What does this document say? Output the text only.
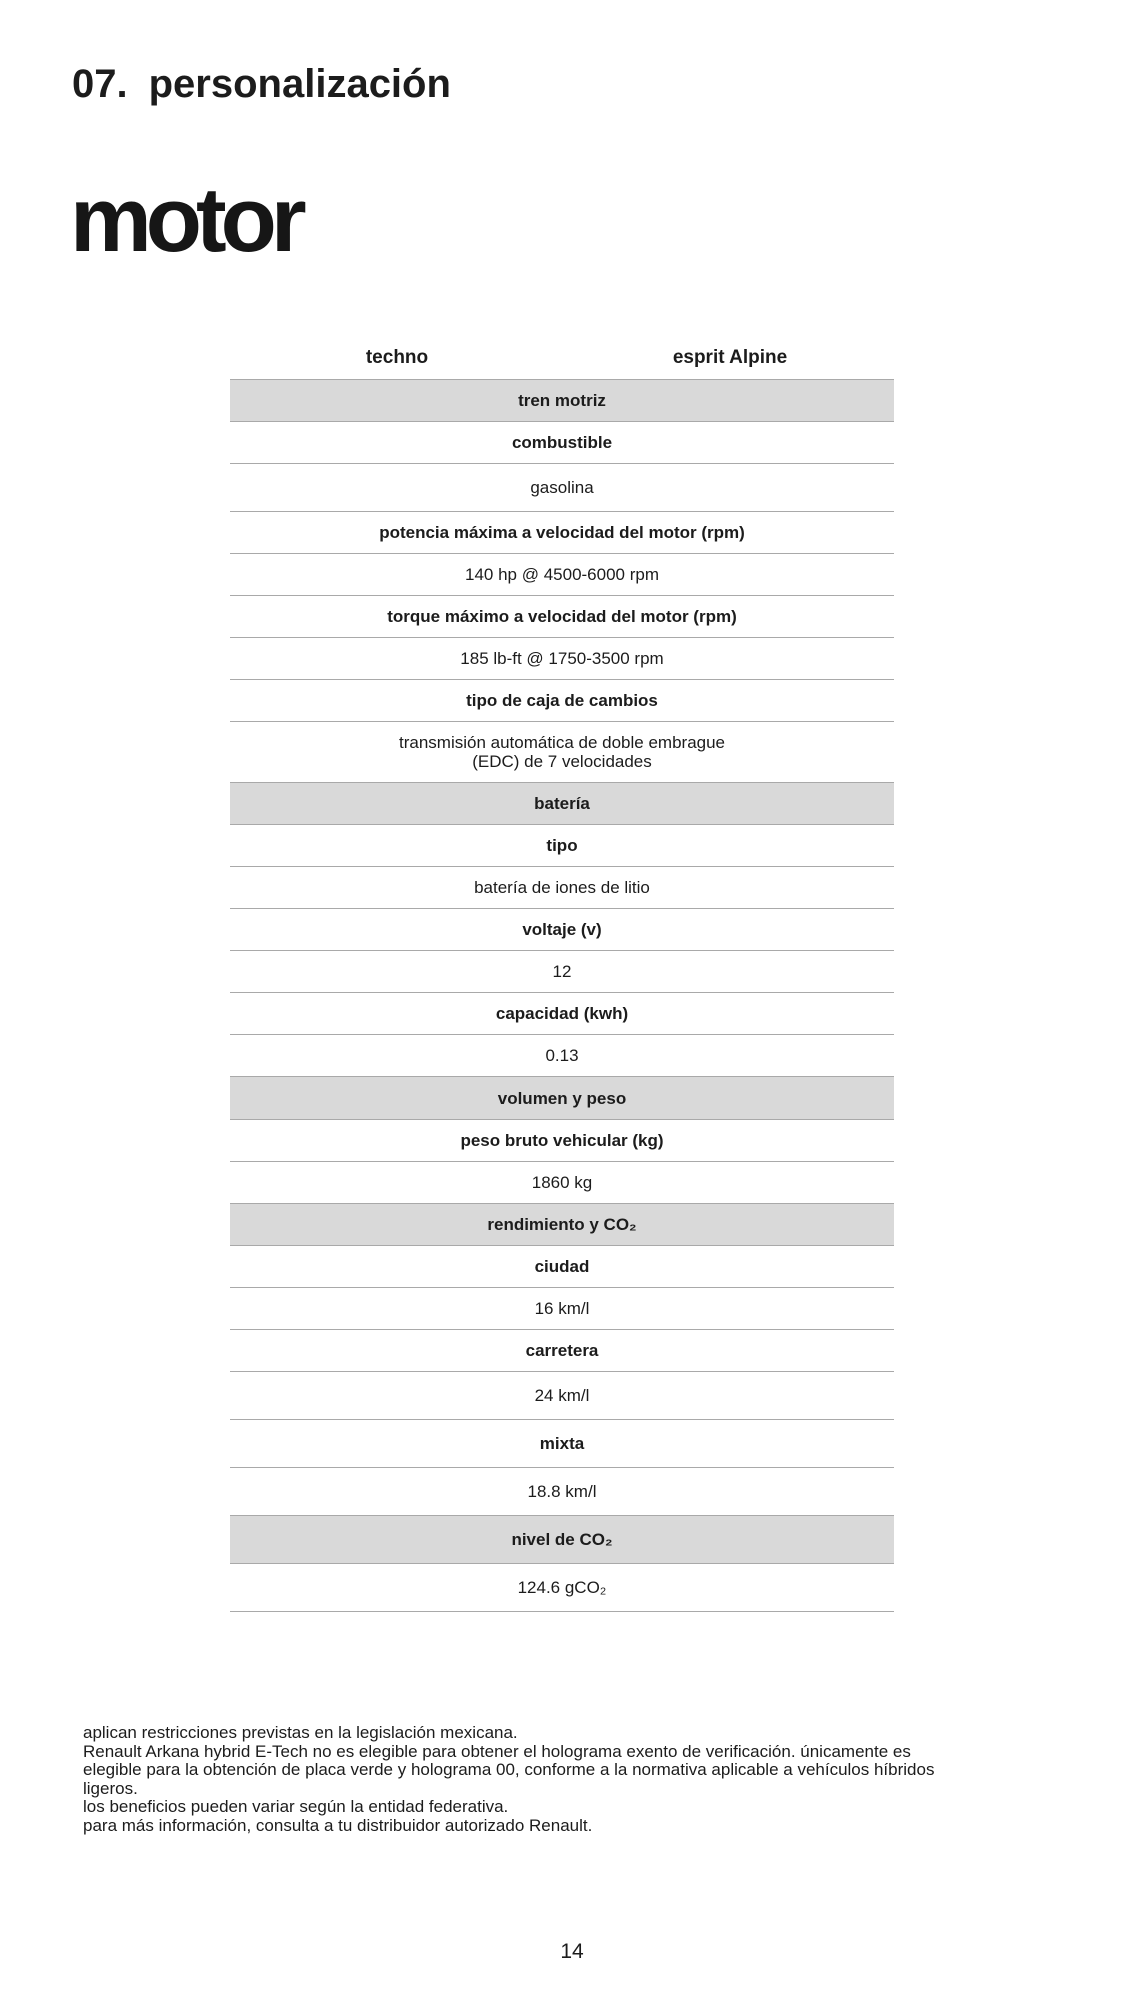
07. personalización
motor
techno	esprit Alpine
tren motriz
combustible
gasolina
potencia máxima a velocidad del motor (rpm)
140 hp @ 4500-6000 rpm
torque máximo a velocidad del motor (rpm)
185 lb-ft @ 1750-3500 rpm
tipo de caja de cambios
transmisión automática de doble embrague
(EDC) de 7 velocidades
batería
tipo
batería de iones de litio
voltaje (v)
12
capacidad (kwh)
0.13
volumen y peso
peso bruto vehicular (kg)
1860 kg
rendimiento y CO₂
ciudad
16 km/l
carretera
24 km/l
mixta
18.8 km/l
nivel de CO₂
124.6 gCO₂
aplican restricciones previstas en la legislación mexicana.
Renault Arkana hybrid E-Tech no es elegible para obtener el holograma exento de verificación. únicamente es
elegible para la obtención de placa verde y holograma 00, conforme a la normativa aplicable a vehículos híbridos
ligeros.
los beneficios pueden variar según la entidad federativa.
para más información, consulta a tu distribuidor autorizado Renault.
14
